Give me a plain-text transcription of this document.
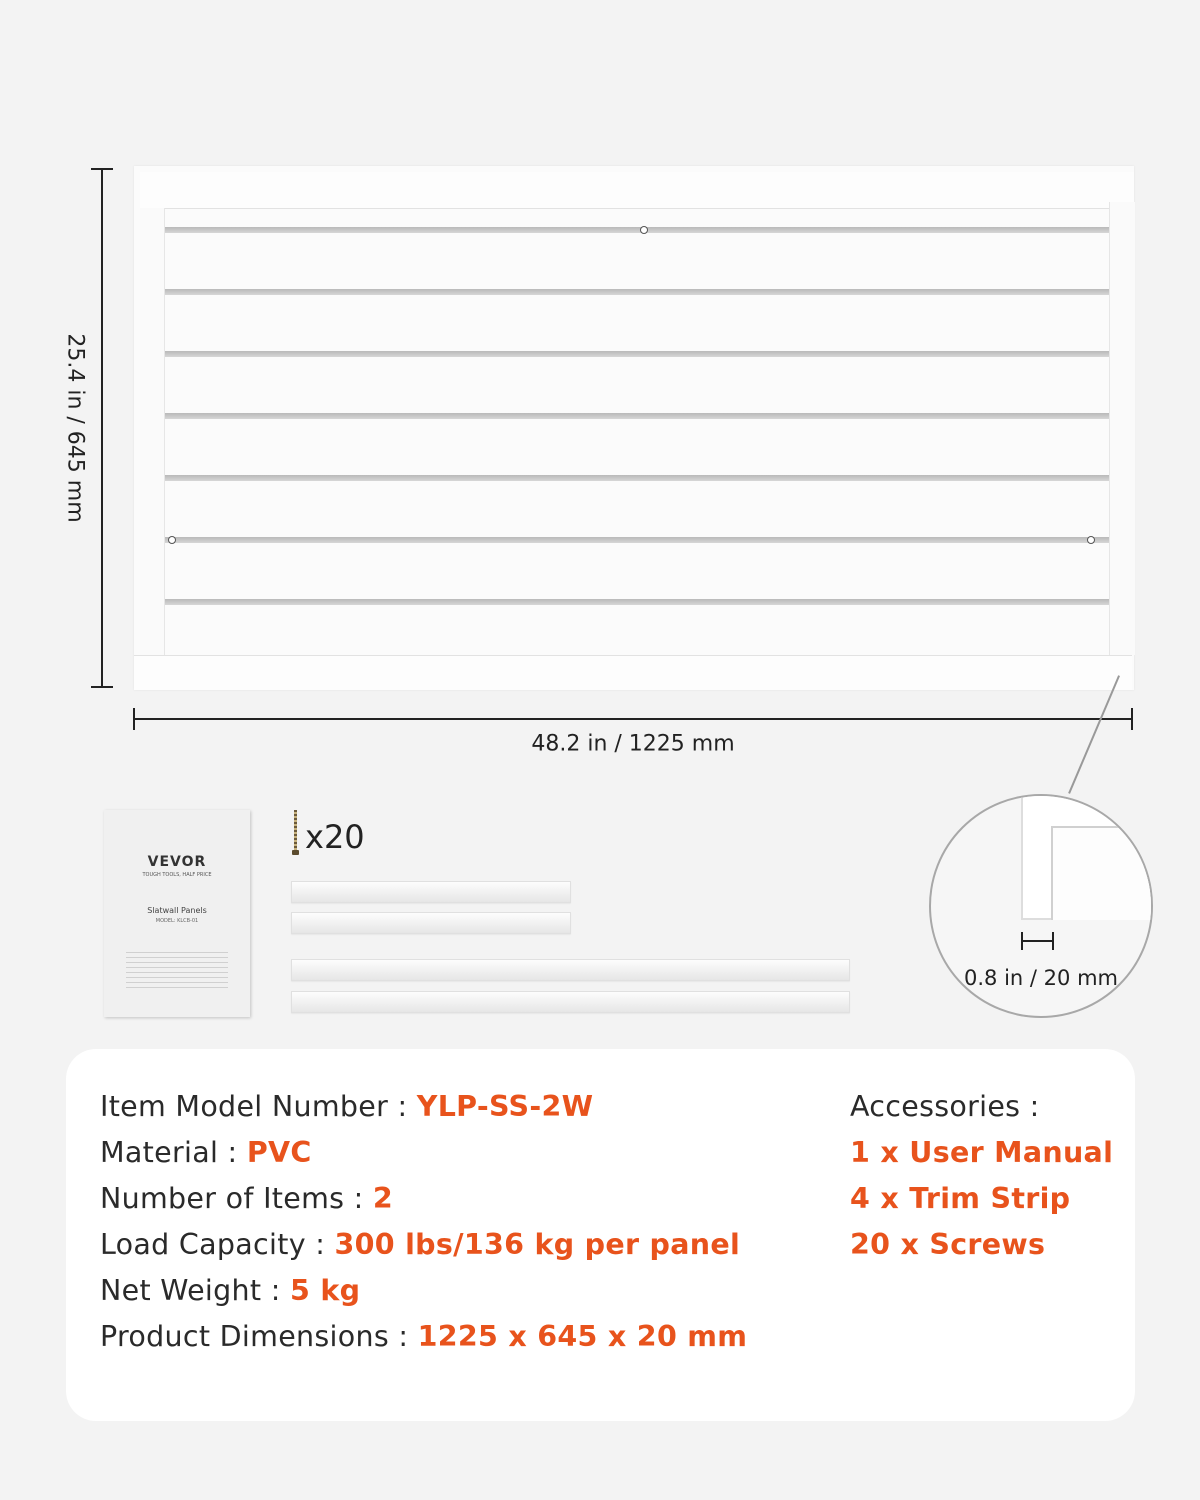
25.4 in / 645 mm
48.2 in / 1225 mm
0.8 in / 20 mm
VEVOR
TOUGH TOOLS, HALF PRICE
Slatwall Panels
MODEL: KLCB-01
x20
Item Model Number : YLP-SS-2W
Material : PVC
Number of Items : 2
Load Capacity : 300 lbs/136 kg per panel
Net Weight : 5 kg
Product Dimensions : 1225 x 645 x 20 mm
Accessories :
1 x User Manual
4 x Trim Strip
20 x Screws
